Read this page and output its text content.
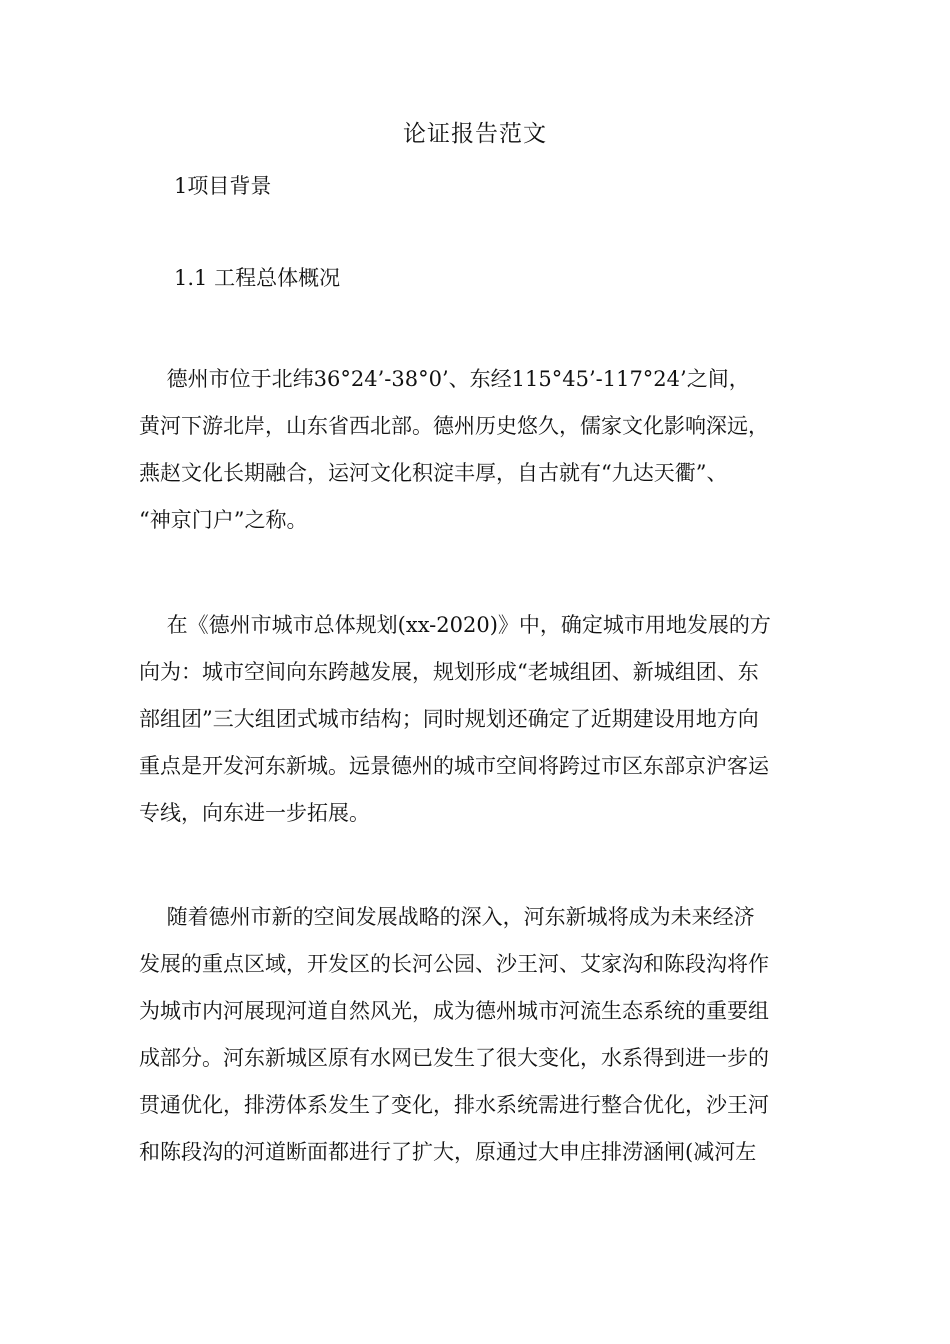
论证报告范文
1项目背景
1.1 工程总体概况
　 德州市位于北纬36°24’-38°0’、东经115°45’-117°24’之间，
黄河下游北岸，山东省西北部。德州历史悠久，儒家文化影响深远，
燕赵文化长期融合，运河文化积淀丰厚，自古就有“九达天衢”、
“神京门户”之称。
　 在《德州市城市总体规划(xx-2020)》中，确定城市用地发展的方
向为：城市空间向东跨越发展，规划形成“老城组团、新城组团、东
部组团”三大组团式城市结构；同时规划还确定了近期建设用地方向
重点是开发河东新城。远景德州的城市空间将跨过市区东部京沪客运
专线，向东进一步拓展。
　 随着德州市新的空间发展战略的深入，河东新城将成为未来经济
发展的重点区域，开发区的长河公园、沙王河、艾家沟和陈段沟将作
为城市内河展现河道自然风光，成为德州城市河流生态系统的重要组
成部分。河东新城区原有水网已发生了很大变化，水系得到进一步的
贯通优化，排涝体系发生了变化，排水系统需进行整合优化，沙王河
和陈段沟的河道断面都进行了扩大，原通过大申庄排涝涵闸(减河左
